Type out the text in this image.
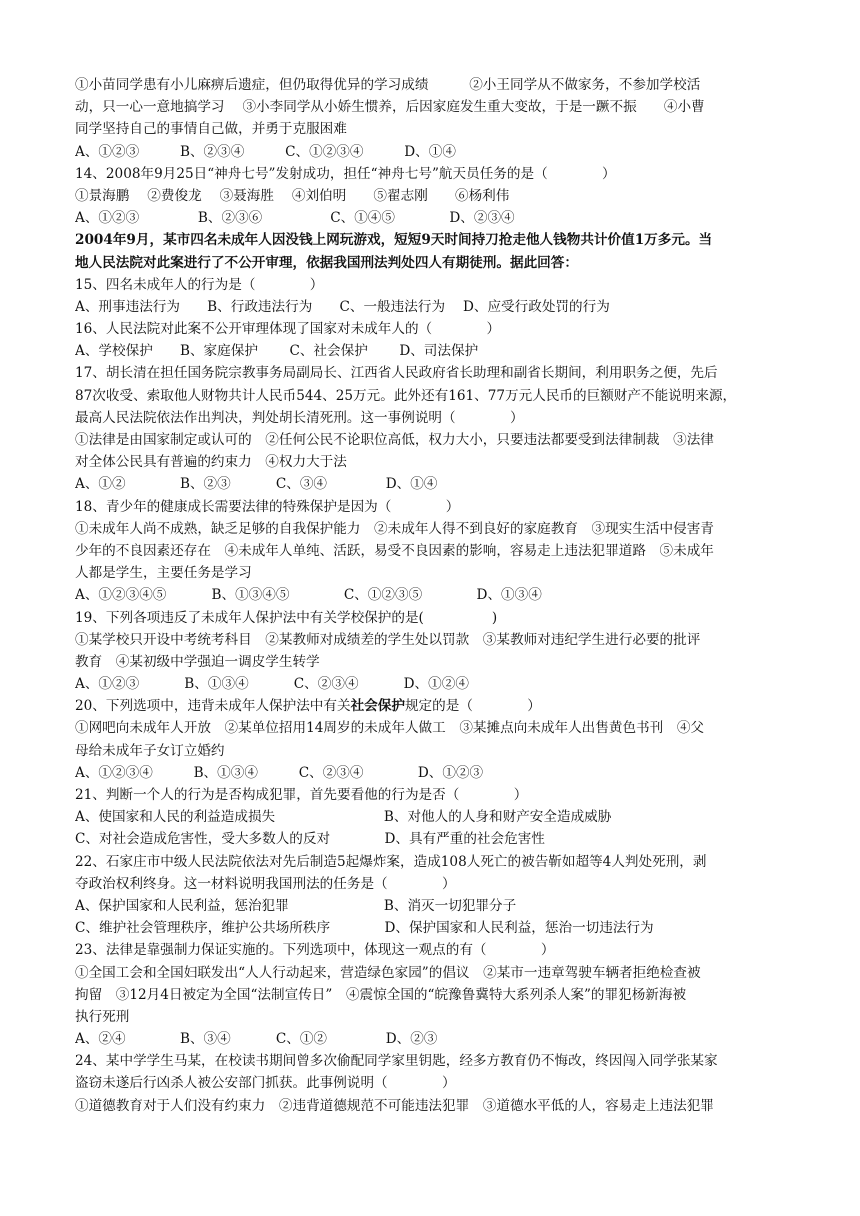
①小苗同学患有小儿麻痹后遗症，但仍取得优异的学习成绩　　　②小王同学从不做家务，不参加学校活
动，只一心一意地搞学习　 ③小李同学从小娇生惯养，后因家庭发生重大变故，于是一蹶不振　　④小曹
同学坚持自己的事情自己做，并勇于克服困难
A、①②③　　　B、②③④　　　C、①②③④　　　D、①④
14、2008年9月25日“神舟七号”发射成功，担任“神舟七号”航天员任务的是（　　　　）
①景海鹏　 ②费俊龙　 ③聂海胜　 ④刘伯明　　⑤翟志刚　　⑥杨利伟
A、①②③　　　　 B、②③⑥　　　　　C、①④⑤　　　　D、②③④
2004年9月，某市四名未成年人因没钱上网玩游戏，短短9天时间持刀抢走他人钱物共计价值1万多元。当
地人民法院对此案进行了不公开审理，依据我国刑法判处四人有期徒刑。据此回答：
15、四名未成年人的行为是（　　　　）
A、刑事违法行为　　B、行政违法行为　　C、一般违法行为　 D、应受行政处罚的行为
16、人民法院对此案不公开审理体现了国家对未成年人的（　　　　）
A、学校保护　　B、家庭保护　　 C、社会保护　　 D、司法保护
17、胡长清在担任国务院宗教事务局副局长、江西省人民政府省长助理和副省长期间，利用职务之便，先后
87次收受、索取他人财物共计人民币544、25万元。此外还有161、77万元人民币的巨额财产不能说明来源，
最高人民法院依法作出判决，判处胡长清死刑。这一事例说明（　　　　）
①法律是由国家制定或认可的　②任何公民不论职位高低，权力大小，只要违法都要受到法律制裁　③法律
对全体公民具有普遍的约束力　④权力大于法
A、①②　　　　B、②③　　　 C、③④　　　　 D、①④
18、青少年的健康成长需要法律的特殊保护是因为（　　　　）
①未成年人尚不成熟，缺乏足够的自我保护能力　②未成年人得不到良好的家庭教育　③现实生活中侵害青
少年的不良因素还存在　④未成年人单纯、活跃，易受不良因素的影响，容易走上违法犯罪道路　⑤未成年
人都是学生，主要任务是学习
A、①②③④⑤　　　 B、①③④⑤　　　　C、①②③⑤　　　　D、①③④
19、下列各项违反了未成年人保护法中有关学校保护的是(　　　　　)
①某学校只开设中考统考科目　②某教师对成绩差的学生处以罚款　③某教师对违纪学生进行必要的批评
教育　④某初级中学强迫一调皮学生转学
A、①②③　　　 B、①③④　　　 C、②③④　　　 D、①②④
20、下列选项中，违背未成年人保护法中有关社会保护规定的是（　　　　）
①网吧向未成年人开放　②某单位招用14周岁的未成年人做工　③某摊点向未成年人出售黄色书刊　④父
母给未成年子女订立婚约
A、①②③④　　　B、①③④　　　C、②③④　　　　D、①②③
21、判断一个人的行为是否构成犯罪，首先要看他的行为是否（　　　　）
A、使国家和人民的利益造成损失　　　　　　　　B、对他人的人身和财产安全造成威胁
C、对社会造成危害性，受大多数人的反对　　　　D、具有严重的社会危害性
22、石家庄市中级人民法院依法对先后制造5起爆炸案，造成108人死亡的被告靳如超等4人判处死刑，剥
夺政治权利终身。这一材料说明我国刑法的任务是（　　　　）
A、保护国家和人民利益，惩治犯罪　　　　　　　B、消灭一切犯罪分子
C、维护社会管理秩序，维护公共场所秩序　　　　D、保护国家和人民利益，惩治一切违法行为
23、法律是靠强制力保证实施的。下列选项中，体现这一观点的有（　　　　）
①全国工会和全国妇联发出“人人行动起来，营造绿色家园”的倡议　②某市一违章驾驶车辆者拒绝检查被
拘留　③12月4日被定为全国“法制宣传日”　④震惊全国的“皖豫鲁冀特大系列杀人案”的罪犯杨新海被
执行死刑
A、②④　　　　B、③④　　　 C、①②　　　　 D、②③
24、某中学学生马某，在校读书期间曾多次偷配同学家里钥匙，经多方教育仍不悔改，终因闯入同学张某家
盗窃未遂后行凶杀人被公安部门抓获。此事例说明（　　　　）
①道德教育对于人们没有约束力　②违背道德规范不可能违法犯罪　③道德水平低的人，容易走上违法犯罪
